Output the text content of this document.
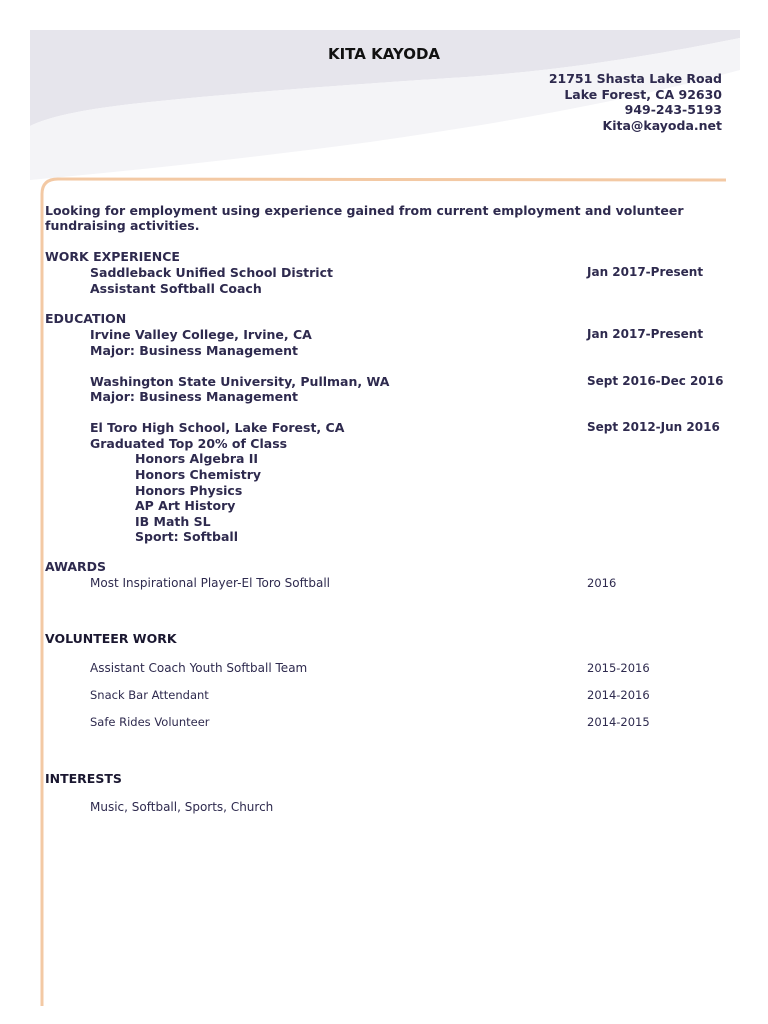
KITA KAYODA

21751 Shasta Lake Road

Lake Forest, CA 92630

949-243-5193

Kita@kayoda.net

Looking for employment using experience gained from current employment and volunteer fundraising activities.

WORK EXPERIENCE

Saddleback Unified School District	Jan 2017-Present

Assistant Softball Coach

EDUCATION

Irvine Valley College, Irvine, CA	Jan 2017-Present

Major: Business Management

Washington State University, Pullman, WA	Sept 2016-Dec 2016

Major: Business Management

El Toro High School, Lake Forest, CA	Sept 2012-Jun 2016

Graduated Top 20% of Class

Honors Algebra II

Honors Chemistry

Honors Physics

AP Art History

IB Math SL

Sport: Softball

AWARDS

Most Inspirational Player-El Toro Softball	2016

VOLUNTEER WORK

Assistant Coach Youth Softball Team	2015-2016

Snack Bar Attendant	2014-2016

Safe Rides Volunteer	2014-2015

INTERESTS

Music, Softball, Sports, Church
